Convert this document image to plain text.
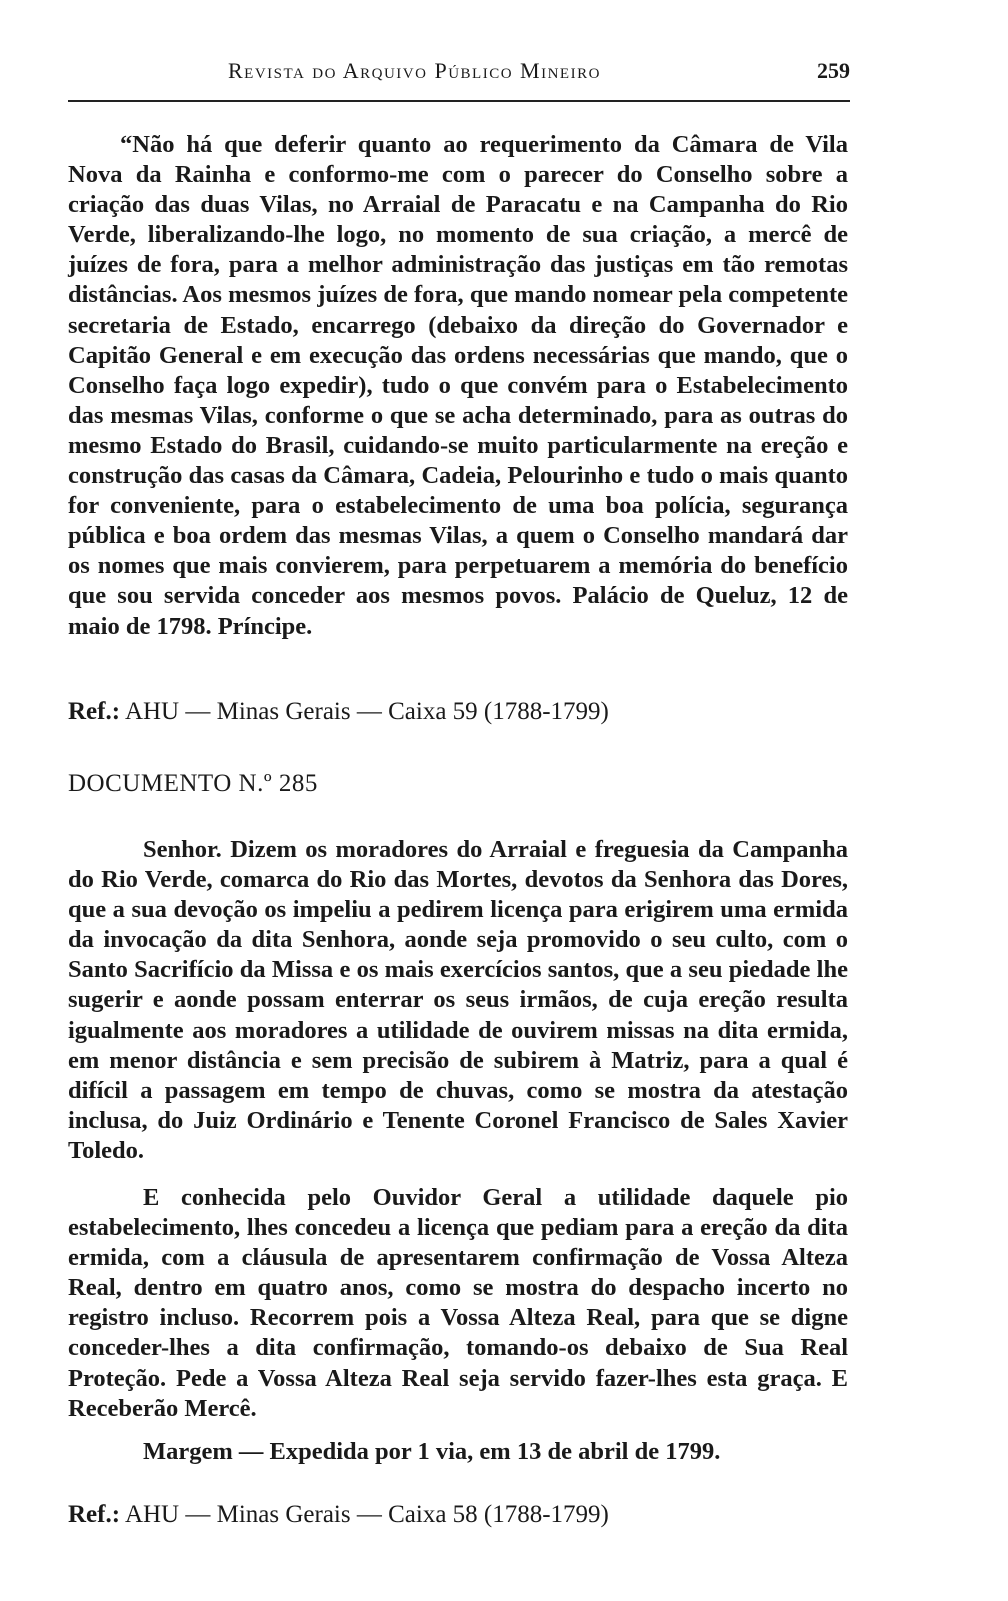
Revista do Arquivo Público Mineiro	259

“Não há que deferir quanto ao requerimento da Câmara de Vila Nova da Rainha e conformo-me com o parecer do Conselho sobre a criação das duas Vilas, no Arraial de Paracatu e na Campanha do Rio Verde, liberalizando-lhe logo, no momento de sua criação, a mercê de juízes de fora, para a melhor administração das justiças em tão remotas distâncias. Aos mesmos juízes de fora, que mando nomear pela competente secretaria de Estado, encarrego (debaixo da direção do Governador e Capitão General e em execução das ordens necessárias que mando, que o Conselho faça logo expedir), tudo o que convém para o Estabelecimento das mesmas Vilas, conforme o que se acha determinado, para as outras do mesmo Estado do Brasil, cuidando-se muito particularmente na ereção e construção das casas da Câmara, Cadeia, Pelourinho e tudo o mais quanto for conveniente, para o estabelecimento de uma boa polícia, segurança pública e boa ordem das mesmas Vilas, a quem o Conselho mandará dar os nomes que mais convierem, para perpetuarem a memória do benefício que sou servida conceder aos mesmos povos. Palácio de Queluz, 12 de maio de 1798. Príncipe.

Ref.: AHU — Minas Gerais — Caixa 59 (1788-1799)
DOCUMENTO N.º 285

Senhor. Dizem os moradores do Arraial e freguesia da Campanha do Rio Verde, comarca do Rio das Mortes, devotos da Senhora das Dores, que a sua devoção os impeliu a pedirem licença para erigirem uma ermida da invocação da dita Senhora, aonde seja promovido o seu culto, com o Santo Sacrifício da Missa e os mais exercícios santos, que a seu piedade lhe sugerir e aonde possam enterrar os seus irmãos, de cuja ereção resulta igualmente aos moradores a utilidade de ouvirem missas na dita ermida, em menor distância e sem precisão de subirem à Matriz, para a qual é difícil a passagem em tempo de chuvas, como se mostra da atestação inclusa, do Juiz Ordinário e Tenente Coronel Francisco de Sales Xavier Toledo.

E conhecida pelo Ouvidor Geral a utilidade daquele pio estabelecimento, lhes concedeu a licença que pediam para a ereção da dita ermida, com a cláusula de apresentarem confirmação de Vossa Alteza Real, dentro em quatro anos, como se mostra do despacho incerto no registro incluso. Recorrem pois a Vossa Alteza Real, para que se digne conceder-lhes a dita confirmação, tomando-os debaixo de Sua Real Proteção. Pede a Vossa Alteza Real seja servido fazer-lhes esta graça. E Receberão Mercê.

Margem — Expedida por 1 via, em 13 de abril de 1799.
Ref.: AHU — Minas Gerais — Caixa 58 (1788-1799)
